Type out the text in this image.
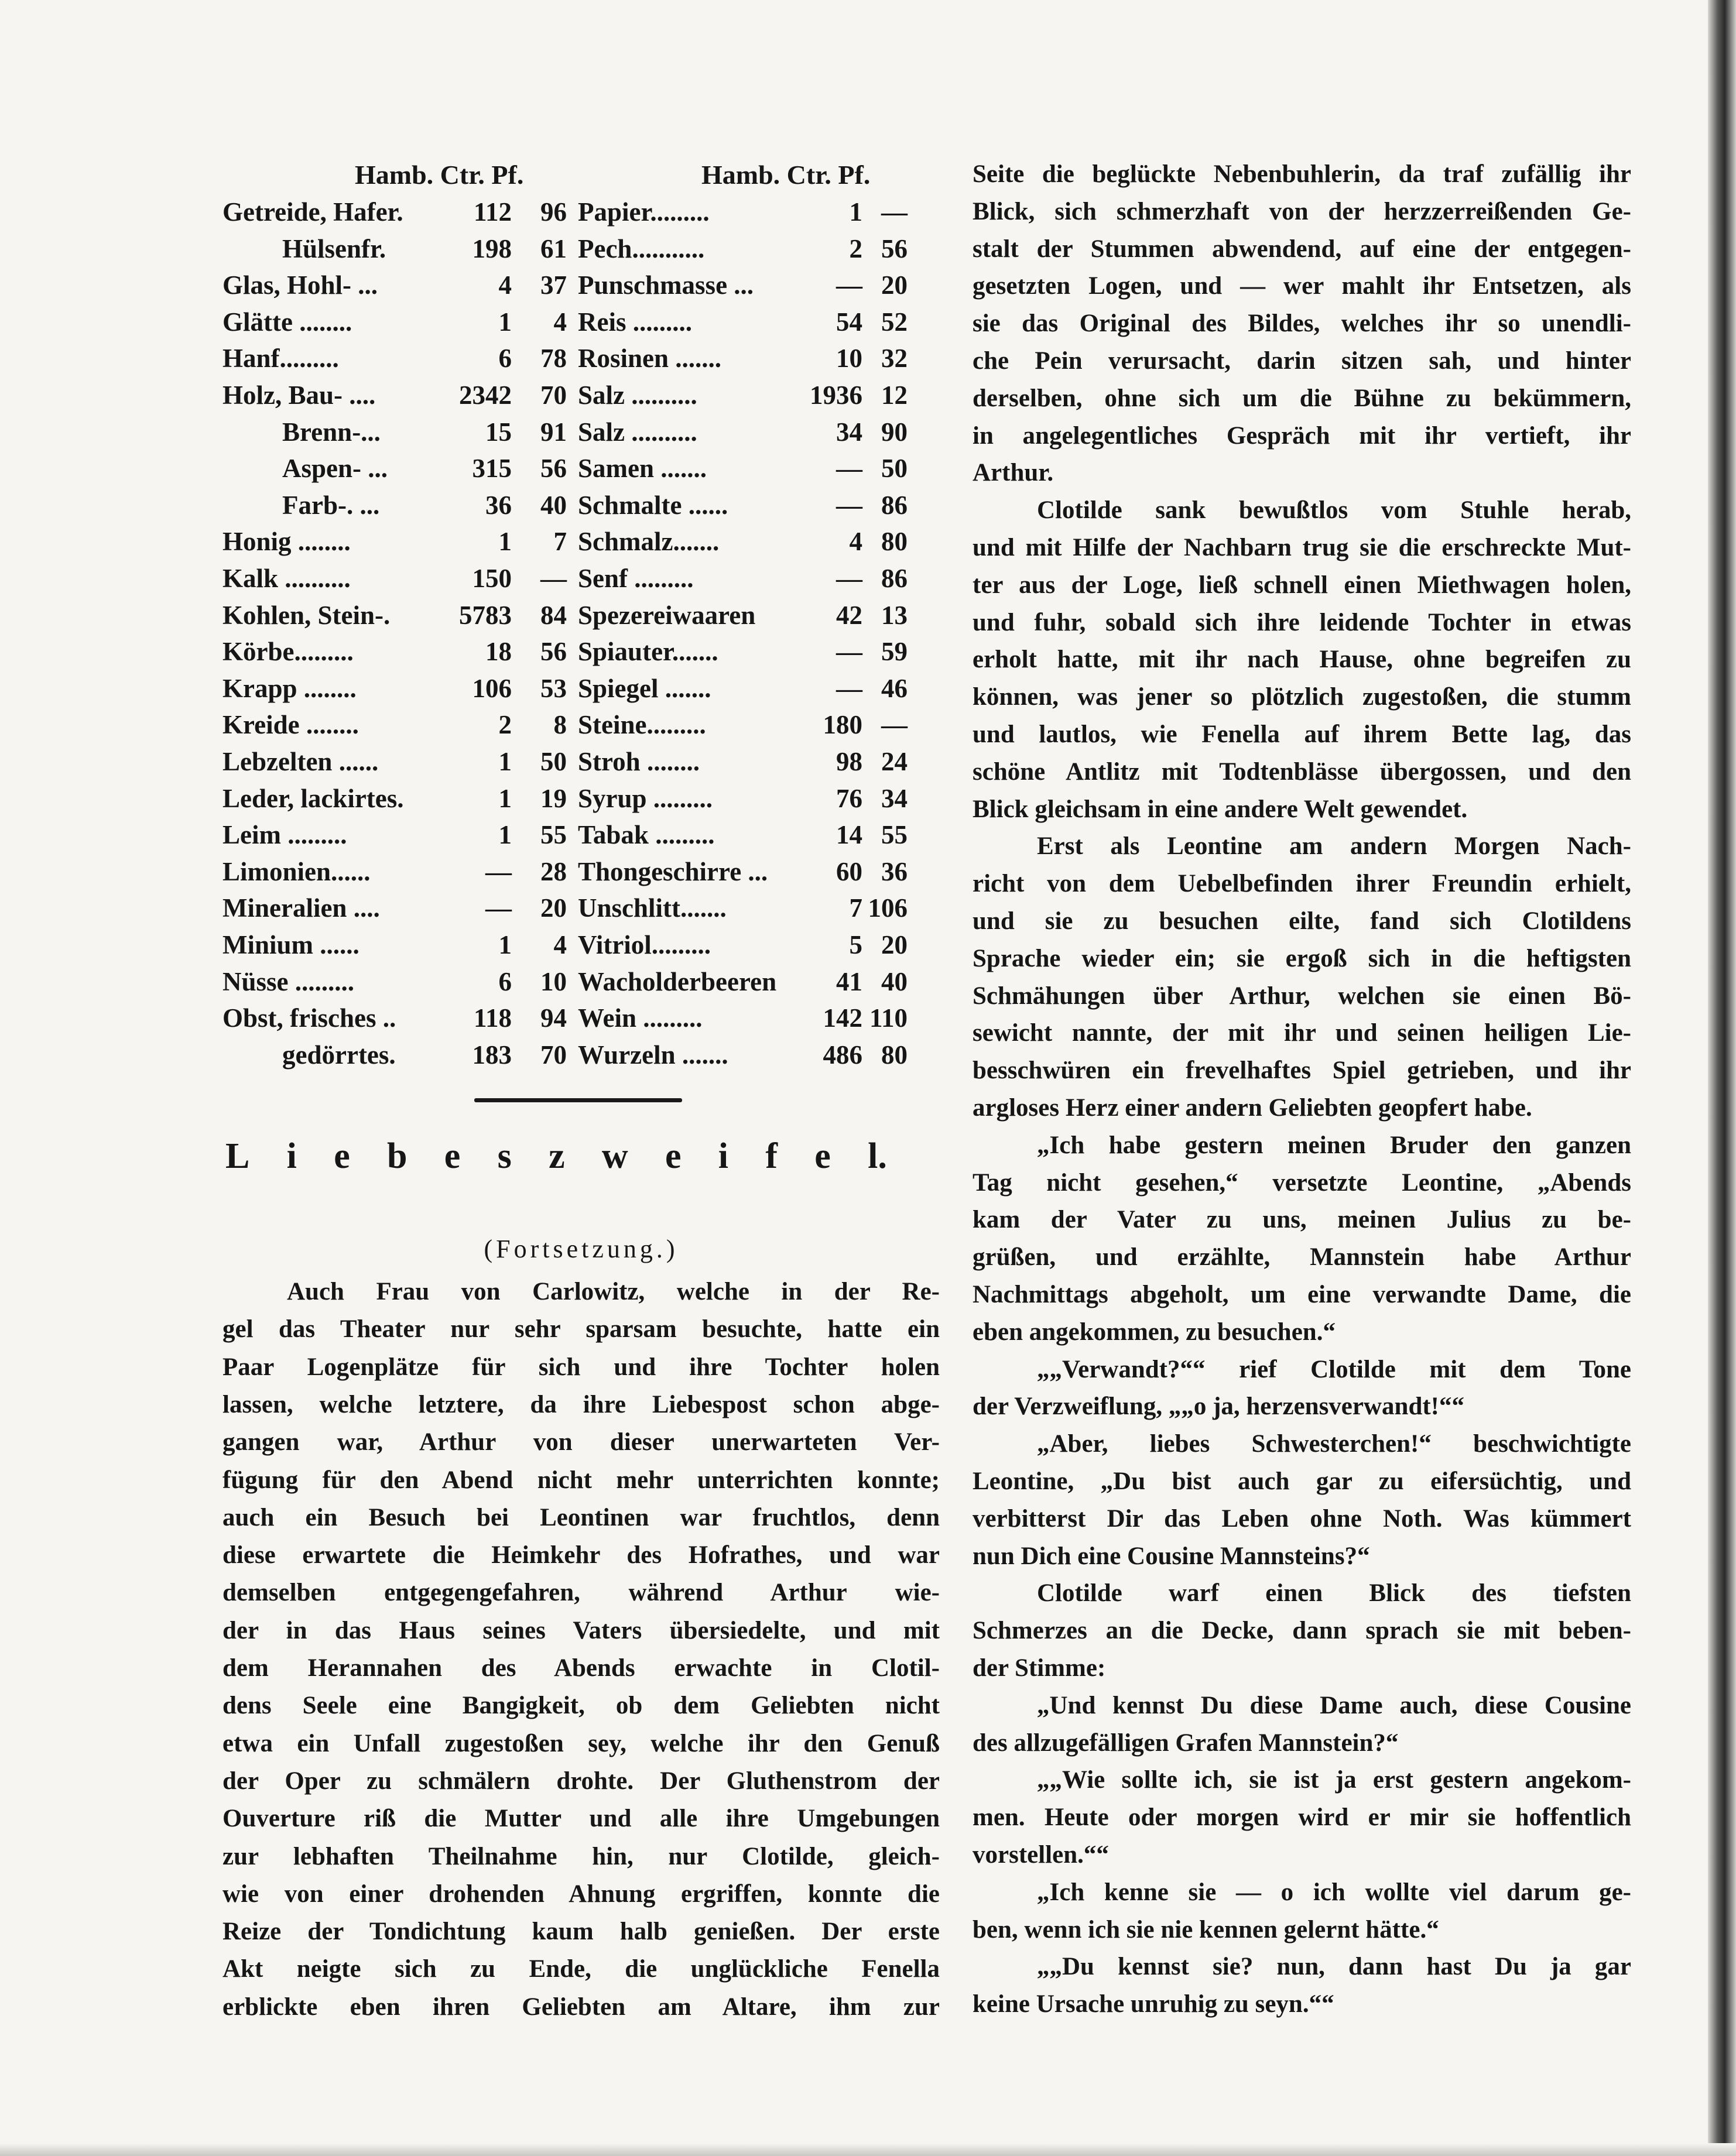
Hamb. Ctr. Pf.	Hamb. Ctr. Pf.
Getreide, Hafer.	112	96
Hülsenfr.	198	61
Glas, Hohl- ...	4	37
Glätte ........	1	4
Hanf.........	6	78
Holz, Bau- ....	2342	70
Brenn-...	15	91
Aspen- ...	315	56
Farb-. ...	36	40
Honig ........	1	7
Kalk ..........	150	—
Kohlen, Stein-.	5783	84
Körbe.........	18	56
Krapp ........	106	53
Kreide ........	2	8
Lebzelten ......	1	50
Leder, lackirtes.	1	19
Leim .........	1	55
Limonien......	—	28
Mineralien ....	—	20
Minium ......	1	4
Nüsse .........	6	10
Obst, frisches ..	118	94
gedörrtes.	183	70
Papier.........	1 —
Pech...........	2 56
Punschmasse ...	— 20
Reis .........	54 52
Rosinen .......	10 32
Salz ..........	1936 12
Salz ..........	34 90
Samen .......	— 50
Schmalte ......	— 86
Schmalz.......	4 80
Senf .........	— 86
Spezereiwaaren	42 13
Spiauter.......	— 59
Spiegel .......	— 46
Steine.........	180 —
Stroh ........	98 24
Syrup .........	76 34
Tabak .........	14 55
Thongeschirre ...	60 36
Unschlitt.......	7 106
Vitriol.........	5 20
Wacholderbeeren	41 40
Wein .........	142 110
Wurzeln .......	486 80
L i e b e s z w e i f e l.
(Fortsetzung.)
Auch Frau von Carlowitz, welche in der Re-
gel das Theater nur sehr sparsam besuchte, hatte ein
Paar Logenplätze für sich und ihre Tochter holen
lassen, welche letztere, da ihre Liebespost schon abge-
gangen war, Arthur von dieser unerwarteten Ver-
fügung für den Abend nicht mehr unterrichten konnte;
auch ein Besuch bei Leontinen war fruchtlos, denn
diese erwartete die Heimkehr des Hofrathes, und war
demselben entgegengefahren, während Arthur wie-
der in das Haus seines Vaters übersiedelte, und mit
dem Herannahen des Abends erwachte in Clotil-
dens Seele eine Bangigkeit, ob dem Geliebten nicht
etwa ein Unfall zugestoßen sey, welche ihr den Genuß
der Oper zu schmälern drohte. Der Gluthenstrom der
Ouverture riß die Mutter und alle ihre Umgebungen
zur lebhaften Theilnahme hin, nur Clotilde, gleich-
wie von einer drohenden Ahnung ergriffen, konnte die
Reize der Tondichtung kaum halb genießen. Der erste
Akt neigte sich zu Ende, die unglückliche Fenella
erblickte eben ihren Geliebten am Altare, ihm zur
Seite die beglückte Nebenbuhlerin, da traf zufällig ihr
Blick, sich schmerzhaft von der herzzerreißenden Ge-
stalt der Stummen abwendend, auf eine der entgegen-
gesetzten Logen, und — wer mahlt ihr Entsetzen, als
sie das Original des Bildes, welches ihr so unendli-
che Pein verursacht, darin sitzen sah, und hinter
derselben, ohne sich um die Bühne zu bekümmern,
in angelegentliches Gespräch mit ihr vertieft, ihr
Arthur.
Clotilde sank bewußtlos vom Stuhle herab,
und mit Hilfe der Nachbarn trug sie die erschreckte Mut-
ter aus der Loge, ließ schnell einen Miethwagen holen,
und fuhr, sobald sich ihre leidende Tochter in etwas
erholt hatte, mit ihr nach Hause, ohne begreifen zu
können, was jener so plötzlich zugestoßen, die stumm
und lautlos, wie Fenella auf ihrem Bette lag, das
schöne Antlitz mit Todtenblässe übergossen, und den
Blick gleichsam in eine andere Welt gewendet.
Erst als Leontine am andern Morgen Nach-
richt von dem Uebelbefinden ihrer Freundin erhielt,
und sie zu besuchen eilte, fand sich Clotildens
Sprache wieder ein; sie ergoß sich in die heftigsten
Schmähungen über Arthur, welchen sie einen Bö-
sewicht nannte, der mit ihr und seinen heiligen Lie-
besschwüren ein frevelhaftes Spiel getrieben, und ihr
argloses Herz einer andern Geliebten geopfert habe.
„Ich habe gestern meinen Bruder den ganzen
Tag nicht gesehen,“ versetzte Leontine, „Abends
kam der Vater zu uns, meinen Julius zu be-
grüßen, und erzählte, Mannstein habe Arthur
Nachmittags abgeholt, um eine verwandte Dame, die
eben angekommen, zu besuchen.“
„„Verwandt?““ rief Clotilde mit dem Tone
der Verzweiflung, „„o ja, herzensverwandt!““
„Aber, liebes Schwesterchen!“ beschwichtigte
Leontine, „Du bist auch gar zu eifersüchtig, und
verbitterst Dir das Leben ohne Noth. Was kümmert
nun Dich eine Cousine Mannsteins?“
Clotilde warf einen Blick des tiefsten
Schmerzes an die Decke, dann sprach sie mit beben-
der Stimme:
„Und kennst Du diese Dame auch, diese Cousine
des allzugefälligen Grafen Mannstein?“
„„Wie sollte ich, sie ist ja erst gestern angekom-
men. Heute oder morgen wird er mir sie hoffentlich
vorstellen.““
„Ich kenne sie — o ich wollte viel darum ge-
ben, wenn ich sie nie kennen gelernt hätte.“
„„Du kennst sie? nun, dann hast Du ja gar
keine Ursache unruhig zu seyn.““
